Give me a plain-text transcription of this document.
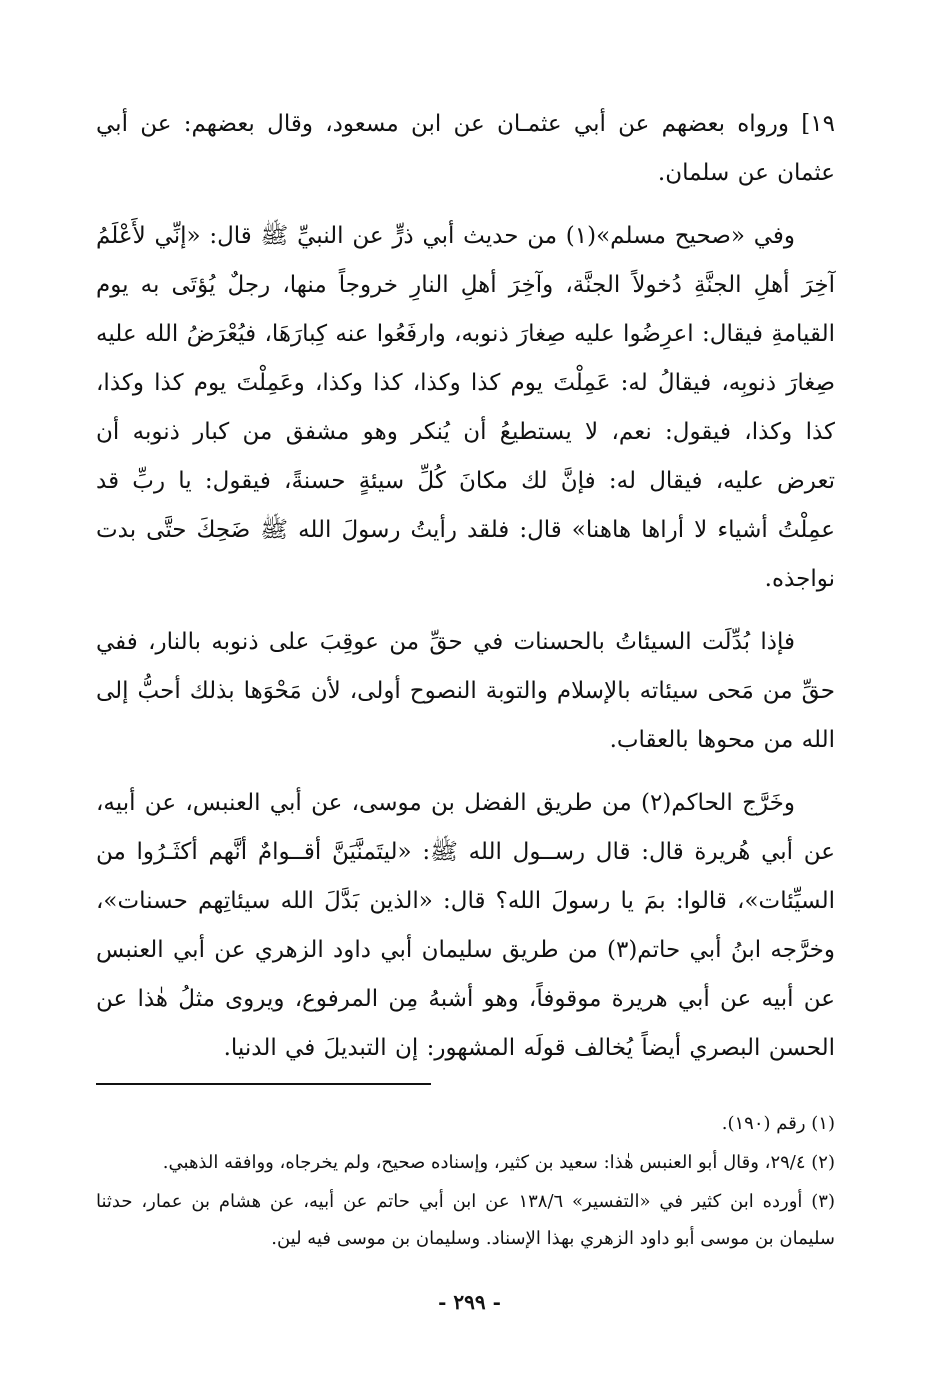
١٩] ورواه بعضهم عن أبي عثمـان عن ابن مسعود، وقال بعضهم: عن أبي عثمان عن سلمان.

وفي «صحيح مسلم»(١) من حديث أبي ذرٍّ عن النبيِّ ﷺ قال: «إنِّي لأَعْلَمُ آخِرَ أهلِ الجنَّةِ دُخولاً الجنَّة، وآخِرَ أهلِ النارِ خروجاً منها، رجلٌ يُؤتَى به يوم القيامةِ فيقال: اعرِضُوا عليه صِغارَ ذنوبه، وارفَعُوا عنه كِبارَهَا، فيُعْرَضُ الله عليه صِغارَ ذنوبِه، فيقالُ له: عَمِلْتَ يوم كذا وكذا، كذا وكذا، وعَمِلْتَ يوم كذا وكذا، كذا وكذا، فيقول: نعم، لا يستطيعُ أن يُنكر وهو مشفق من كبار ذنوبه أن تعرض عليه، فيقال له: فإنَّ لك مكانَ كُلِّ سيئةٍ حسنةً، فيقول: يا ربِّ قد عمِلْتُ أشياء لا أراها هاهنا» قال: فلقد رأيتُ رسولَ الله ﷺ ضَحِكَ حتَّى بدت نواجذه.

فإذا بُدِّلَت السيئاتُ بالحسنات في حقِّ من عوقِبَ على ذنوبه بالنار، ففي حقِّ من مَحى سيئاته بالإسلام والتوبة النصوح أولى، لأن مَحْوَها بذلك أحبُّ إلى الله من محوها بالعقاب.

وخَرَّج الحاكم(٢) من طريق الفضل بن موسى، عن أبي العنبس، عن أبيه، عن أبي هُريرة قال: قال رســول الله ﷺ: «ليتَمنَّيَنَّ أقــوامٌ أنَّهم أكثَـرُوا من السيِّئات»، قالوا: بمَ يا رسولَ الله؟ قال: «الذين بَدَّلَ الله سيئاتِهم حسنات»، وخرَّجه ابنُ أبي حاتم(٣) من طريق سليمان أبي داود الزهري عن أبي العنبس عن أبيه عن أبي هريرة موقوفاً، وهو أشبهُ مِن المرفوع، ويروى مثلُ هٰذا عن الحسن البصري أيضاً يُخالف قولَه المشهور: إن التبديلَ في الدنيا.

(١) رقم (١٩٠).

(٢) ٢٩/٤، وقال أبو العنبس هٰذا: سعيد بن كثير، وإسناده صحيح، ولم يخرجاه، ووافقه الذهبي.

(٣) أورده ابن كثير في «التفسير» ١٣٨/٦ عن ابن أبي حاتم عن أبيه، عن هشام بن عمار، حدثنا سليمان بن موسى أبو داود الزهري بهذا الإسناد. وسليمان بن موسى فيه لين.

- ٢٩٩ -
